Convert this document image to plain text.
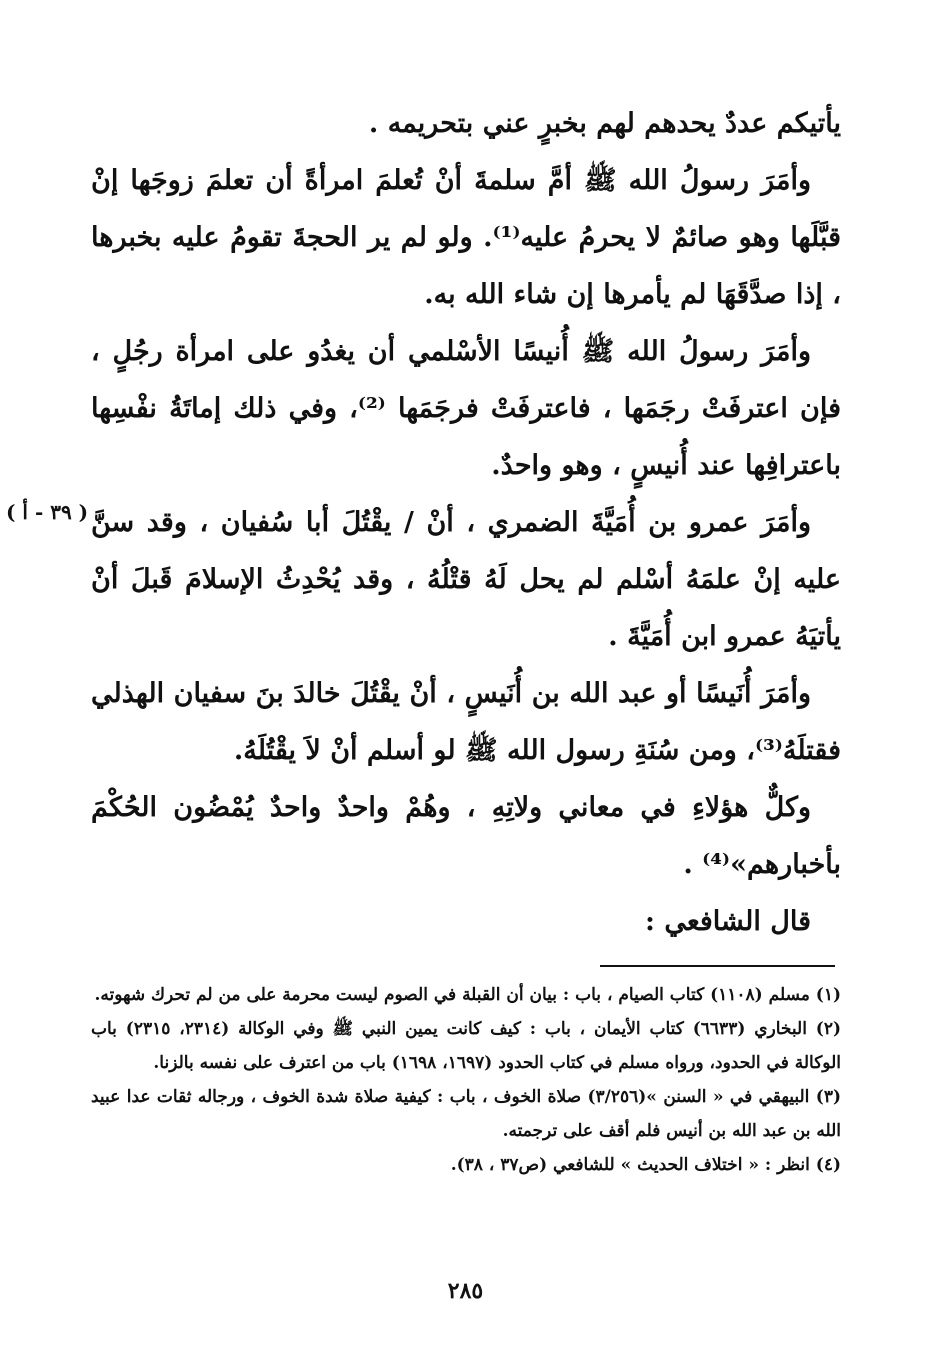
يأتيكم عددٌ يحدهم لهم بخبرٍ عني بتحريمه .

وأمَرَ رسولُ الله ﷺ أمَّ سلمةَ أنْ تُعلمَ امرأةً أن تعلمَ زوجَها إنْ قبَّلَها وهو صائمٌ لا يحرمُ عليه⁽¹⁾. ولو لم ير الحجةَ تقومُ عليه بخبرها ، إذا صدَّقَهَا لم يأمرها إن شاء الله به.

وأمَرَ رسولُ الله ﷺ أُنيسًا الأسْلمي أن يغدُو على امرأة رجُلٍ ، فإن اعترفَتْ رجَمَها ، فاعترفَتْ فرجَمَها ⁽²⁾، وفي ذلك إماتَةُ نفْسِها باعترافِها عند أُنيسٍ ، وهو واحدٌ.

وأمَرَ عمرو بن أُمَيَّةَ الضمري ، أنْ / يقْتُلَ أبا سُفيان ، وقد سنَّ عليه إنْ علمَهُ أسْلم لم يحل لَهُ قتْلُهُ ، وقد يُحْدِثُ الإسلامَ قَبلَ أنْ يأتيَهُ عمرو ابن أُمَيَّةَ .

وأمَرَ أُنَيسًا أو عبد الله بن أُنَيسٍ ، أنْ يقْتُلَ خالدَ بنَ سفيان الهذلي فقتلَهُ⁽³⁾، ومن سُنَةِ رسول الله ﷺ لو أسلم أنْ لاَ يقْتُلَهُ.

وكلٌّ هؤلاءِ في معاني ولاتِهِ ، وهُمْ واحدٌ واحدٌ يُمْضُون الحُكْمَ بأخبارهم»⁽⁴⁾ .

قال الشافعي :

( ٣٩ - أ )

(١) مسلم (١١٠٨) كتاب الصيام ، باب : بيان أن القبلة في الصوم ليست محرمة على من لم تحرك شهوته.

(٢) البخاري (٦٦٣٣) كتاب الأيمان ، باب : كيف كانت يمين النبي ﷺ وفي الوكالة (٢٣١٤، ٢٣١٥) باب الوكالة في الحدود، ورواه مسلم في كتاب الحدود (١٦٩٧، ١٦٩٨) باب من اعترف على نفسه بالزنا.

(٣) البيهقي في « السنن »(٣/٢٥٦) صلاة الخوف ، باب : كيفية صلاة شدة الخوف ، ورجاله ثقات عدا عبيد الله بن عبد الله بن أنيس فلم أقف على ترجمته.

(٤) انظر : « اختلاف الحديث » للشافعي (ص٣٧ ، ٣٨).

٢٨٥
